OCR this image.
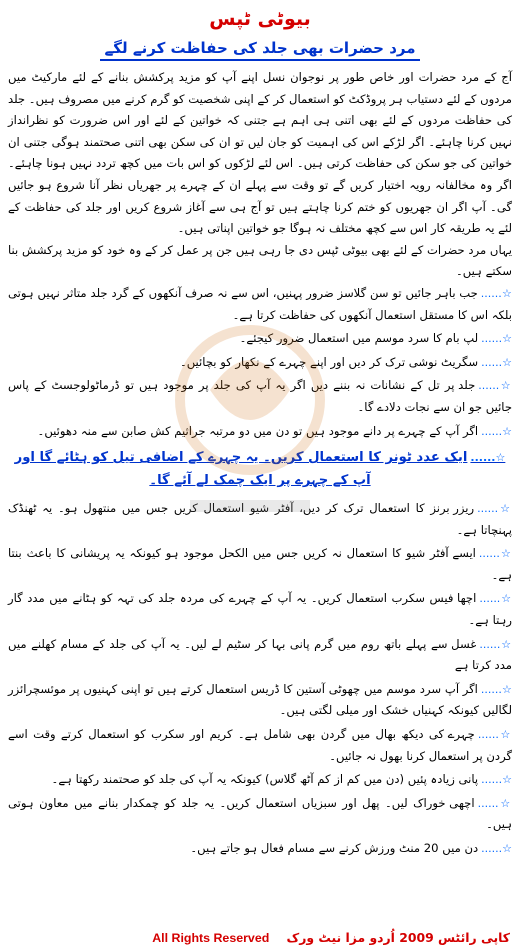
بیوٹی ٹپس
مرد حضرات بھی جلد کی حفاظت کرنے لگے

آج کے مرد حضرات اور خاص طور پر نوجوان نسل اپنے آپ کو مزید پرکشش بنانے کے لئے مارکیٹ میں مردوں کے لئے دستیاب ہر پروڈکٹ کو استعمال کر کے اپنی شخصیت کو گرم کرنے میں مصروف ہیں۔ جلد کی حفاظت مردوں کے لئے بھی اتنی ہی اہم ہے جتنی کہ خواتین کے لئے اور اس ضرورت کو نظرانداز نہیں کرنا چاہئے۔ اگر لڑکے اس کی اہمیت کو جان لیں تو ان کی سکن بھی اتنی صحتمند ہوگی جتنی ان خواتین کی جو سکن کی حفاظت کرتی ہیں۔ اس لئے لڑکوں کو اس بات میں کچھ تردد نہیں ہونا چاہئے۔ اگر وہ مخالفانہ رویہ اختیار کریں گے تو وقت سے پہلے ان کے چہرے پر جھریاں نظر آنا شروع ہو جائیں گی۔ آپ اگر ان جھریوں کو ختم کرنا چاہتے ہیں تو آج ہی سے آغاز شروع کریں اور جلد کی حفاظت کے لئے یہ طریقہ کار اس سے کچھ مختلف نہ ہوگا جو خواتین اپناتی ہیں۔

یہاں مرد حضرات کے لئے بھی بیوٹی ٹپس دی جا رہی ہیں جن پر عمل کر کے وہ خود کو مزید پرکشش بنا سکتے ہیں۔

☆......جب باہر جائیں تو سن گلاسز ضرور پہنیں، اس سے نہ صرف آنکھوں کے گرد جلد متاثر نہیں ہوتی بلکہ اس کا مستقل استعمال آنکھوں کی حفاظت کرتا ہے۔

☆......لپ بام کا سرد موسم میں استعمال ضرور کیجئے۔

☆......سگریٹ نوشی ترک کر دیں اور اپنے چہرے کے نکھار کو بچائیں۔

☆......جلد پر تل کے نشانات نہ بننے دیں اگر یہ آپ کی جلد پر موجود ہیں تو ڈرماٹولوجسٹ کے پاس جائیں جو ان سے نجات دلادے گا۔

☆......اگر آپ کے چہرے پر دانے موجود ہیں تو دن میں دو مرتبہ جراثیم کش صابن سے منہ دھوئیں۔

☆......ایک عدد ٹونر کا استعمال کریں۔ یہ چہرے کے اضافی تیل کو ہٹائے گا اور آپ کے چہرے پر ایک چمک لے آئے گا۔

☆......ریزر برنز کا استعمال ترک کر دیں، آفٹر شیو استعمال کریں جس میں منتھول ہو۔ یہ ٹھنڈک پہنچاتا ہے۔

☆......ایسے آفٹر شیو کا استعمال نہ کریں جس میں الکحل موجود ہو کیونکہ یہ پریشانی کا باعث بنتا ہے۔

☆......اچھا فیس سکرب استعمال کریں۔ یہ آپ کے چہرے کی مردہ جلد کی تہہ کو ہٹانے میں مدد گار رہتا ہے۔

☆......غسل سے پہلے باتھ روم میں گرم پانی بہا کر سٹیم لے لیں۔ یہ آپ کی جلد کے مسام کھلنے میں مدد کرتا ہے

☆......اگر آپ سرد موسم میں چھوٹی آستین کا ڈریس استعمال کرتے ہیں تو اپنی کہنیوں پر موئسچرائزر لگالیں کیونکہ کہنیاں خشک اور میلی لگتی ہیں۔

☆......چہرے کی دیکھ بھال میں گردن بھی شامل ہے۔ کریم اور سکرب کو استعمال کرتے وقت اسے گردن پر استعمال کرنا بھول نہ جائیں۔

☆......پانی زیادہ پئیں (دن میں کم از کم آٹھ گلاس) کیونکہ یہ آپ کی جلد کو صحتمند رکھتا ہے۔

☆......اچھی خوراک لیں۔ پھل اور سبزیاں استعمال کریں۔ یہ جلد کو چمکدار بنانے میں معاون ہوتی ہیں۔

☆......دن میں 20 منٹ ورزش کرنے سے مسام فعال ہو جاتے ہیں۔

کاپی رائٹس 2009 اُردو مزا نیٹ ورک    All Rights Reserved
